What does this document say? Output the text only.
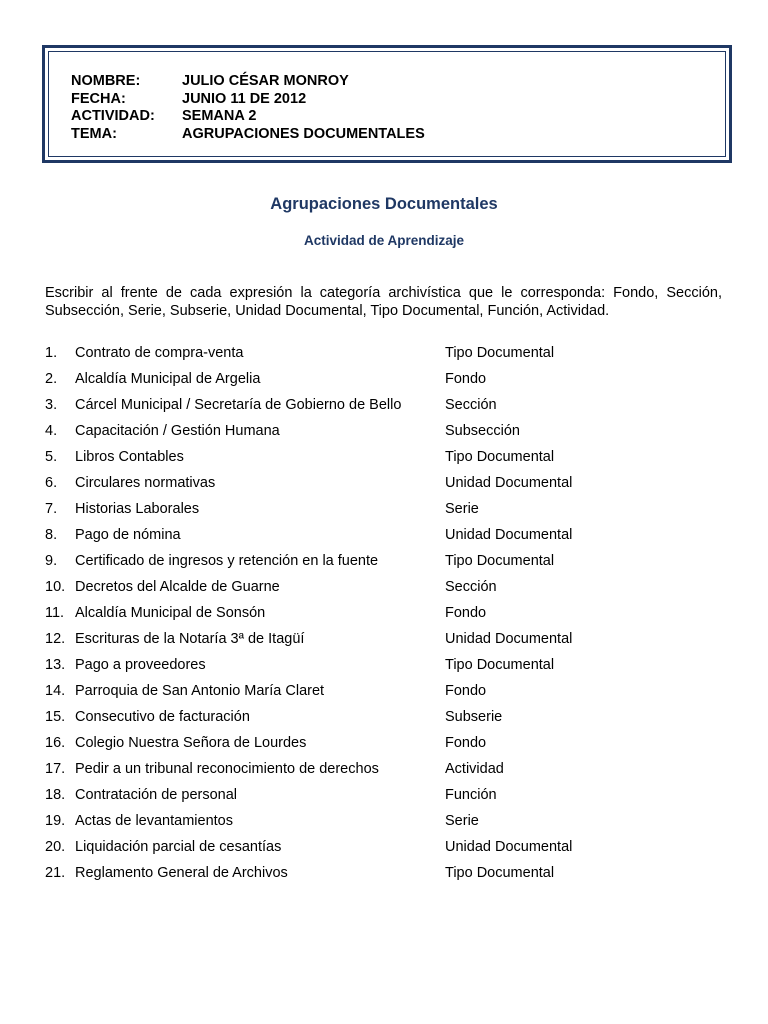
NOMBRE:	JULIO CÉSAR MONROY
FECHA:	JUNIO 11 DE 2012
ACTIVIDAD:	SEMANA 2
TEMA:	AGRUPACIONES DOCUMENTALES
Agrupaciones Documentales
Actividad de Aprendizaje
Escribir al frente de cada expresión la categoría archivística que le corresponda: Fondo, Sección, Subsección, Serie, Subserie, Unidad Documental, Tipo Documental, Función, Actividad.
1.	Contrato de compra-venta	Tipo Documental
2.	Alcaldía Municipal de Argelia	Fondo
3.	Cárcel Municipal / Secretaría de Gobierno de Bello	Sección
4.	Capacitación / Gestión Humana	Subsección
5.	Libros Contables	Tipo Documental
6.	Circulares normativas	Unidad Documental
7.	Historias Laborales	Serie
8.	Pago de nómina	Unidad Documental
9.	Certificado de ingresos y retención en la fuente	Tipo Documental
10. Decretos del Alcalde de Guarne	Sección
11. Alcaldía Municipal de Sonsón	Fondo
12. Escrituras de la Notaría 3ª de Itagüí	Unidad Documental
13. Pago a proveedores	Tipo Documental
14. Parroquia de San Antonio María Claret	Fondo
15. Consecutivo de facturación	Subserie
16. Colegio Nuestra Señora de Lourdes	Fondo
17. Pedir a un tribunal reconocimiento de derechos	Actividad
18. Contratación de personal	Función
19. Actas de levantamientos	Serie
20. Liquidación parcial de cesantías	Unidad Documental
21. Reglamento General de Archivos	Tipo Documental
